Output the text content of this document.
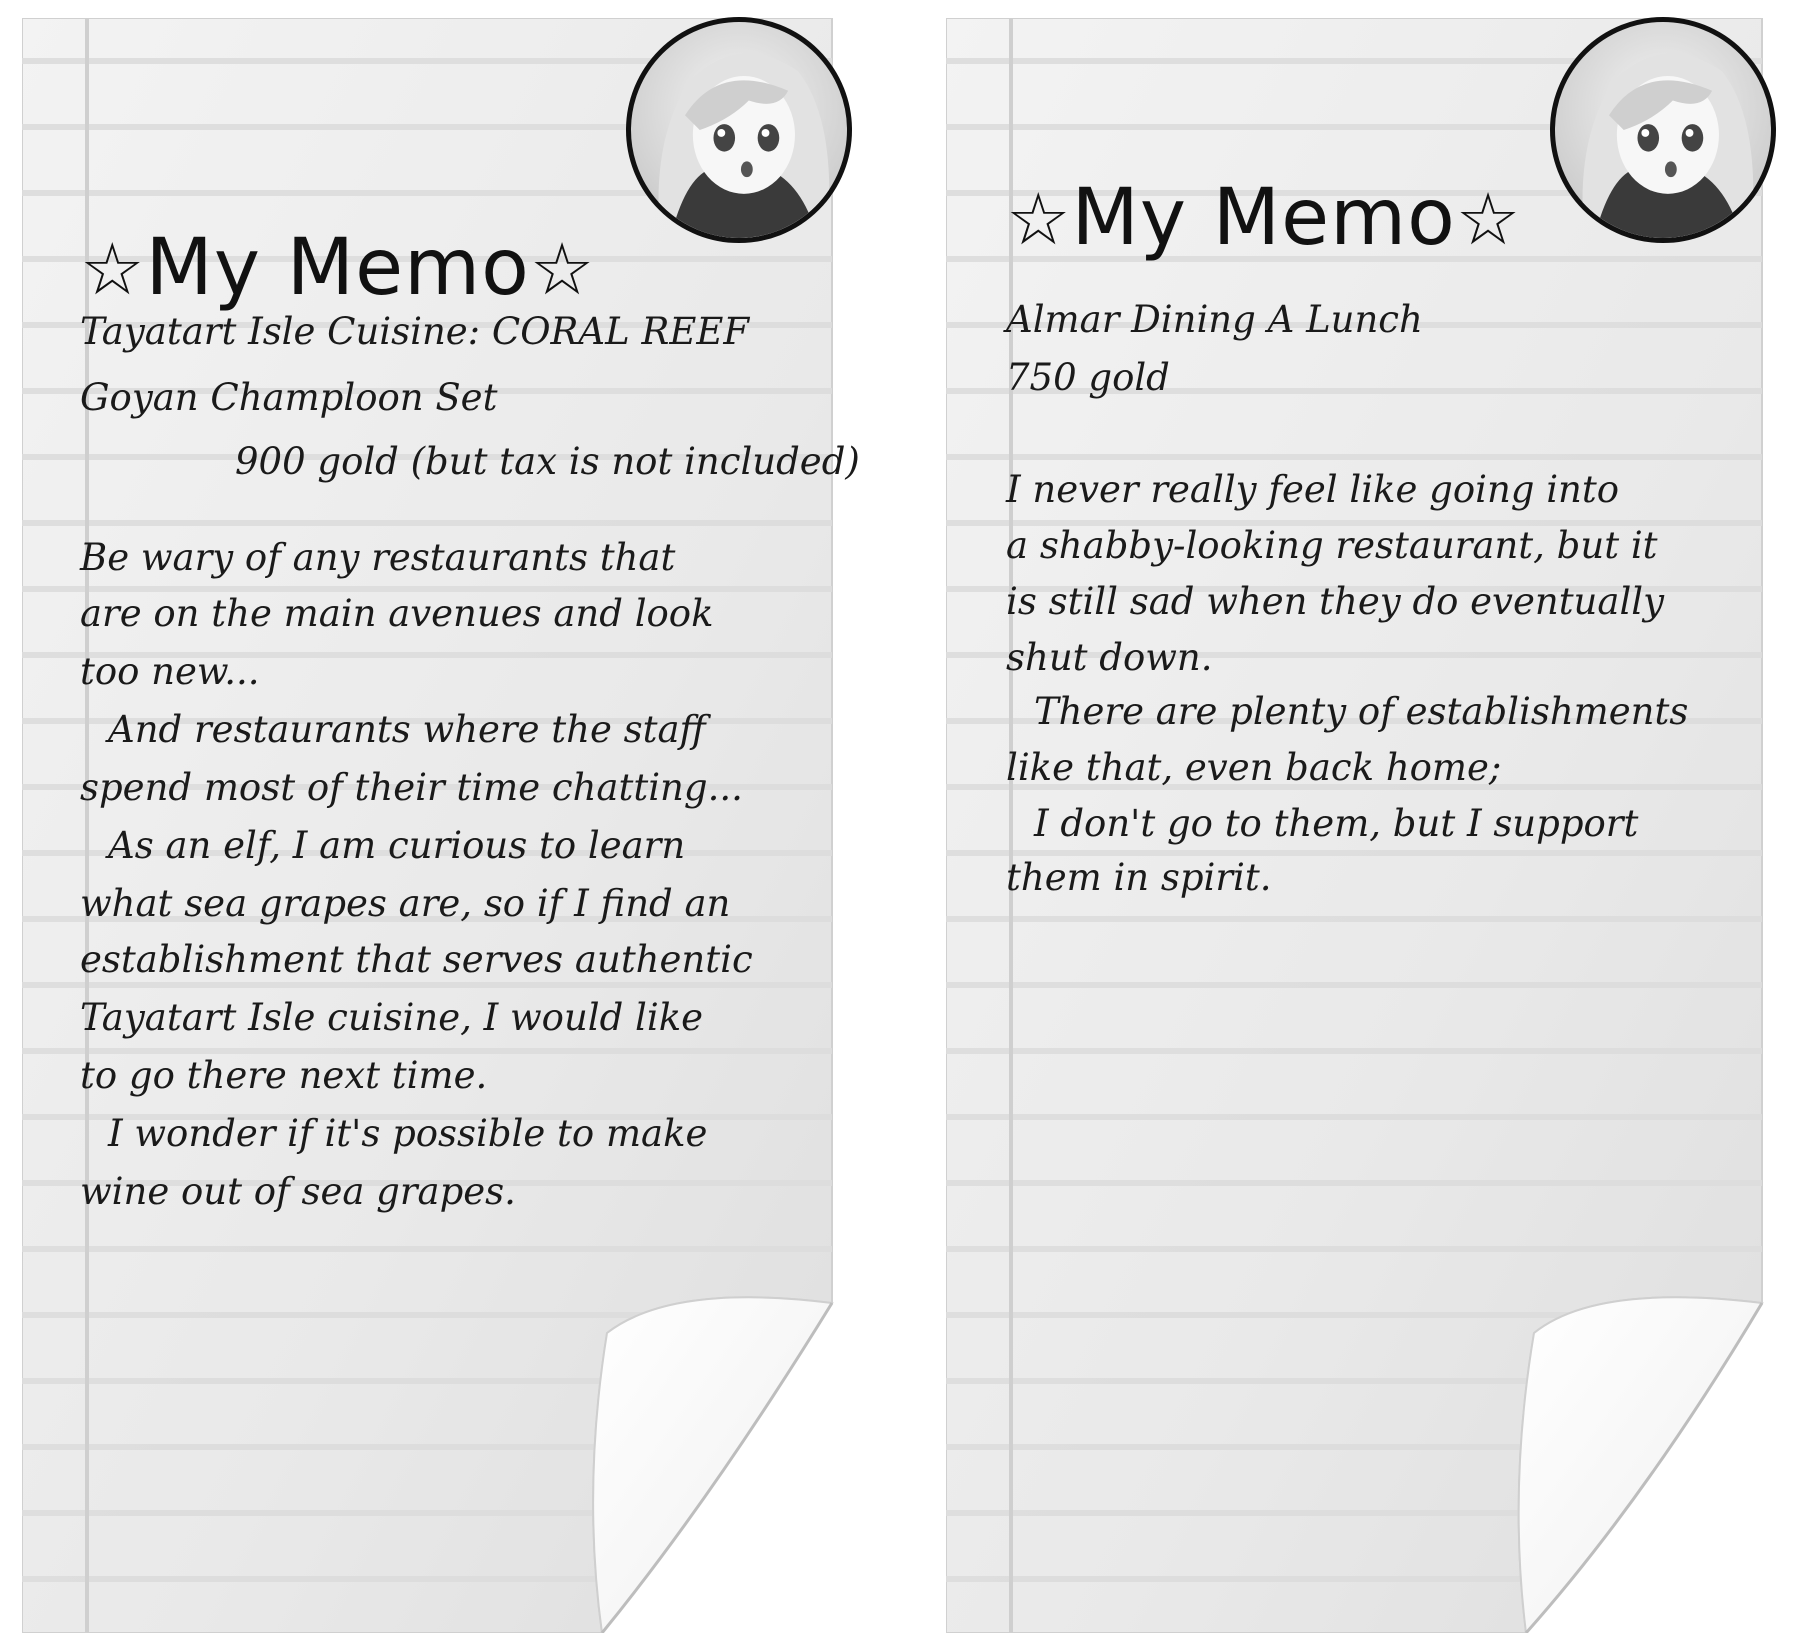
☆My Memo☆
Tayatart Isle Cuisine: CORAL REEF
Goyan Champloon Set
900 gold (but tax is not included)
Be wary of any restaurants that
are on the main avenues and look
too new...
And restaurants where the staff
spend most of their time chatting...
As an elf, I am curious to learn
what sea grapes are, so if I find an
establishment that serves authentic
Tayatart Isle cuisine, I would like
to go there next time.
I wonder if it's possible to make
wine out of sea grapes.
☆My Memo☆
Almar Dining A Lunch
750 gold
I never really feel like going into
a shabby-looking restaurant, but it
is still sad when they do eventually
shut down.
There are plenty of establishments
like that, even back home;
I don't go to them, but I support
them in spirit.
